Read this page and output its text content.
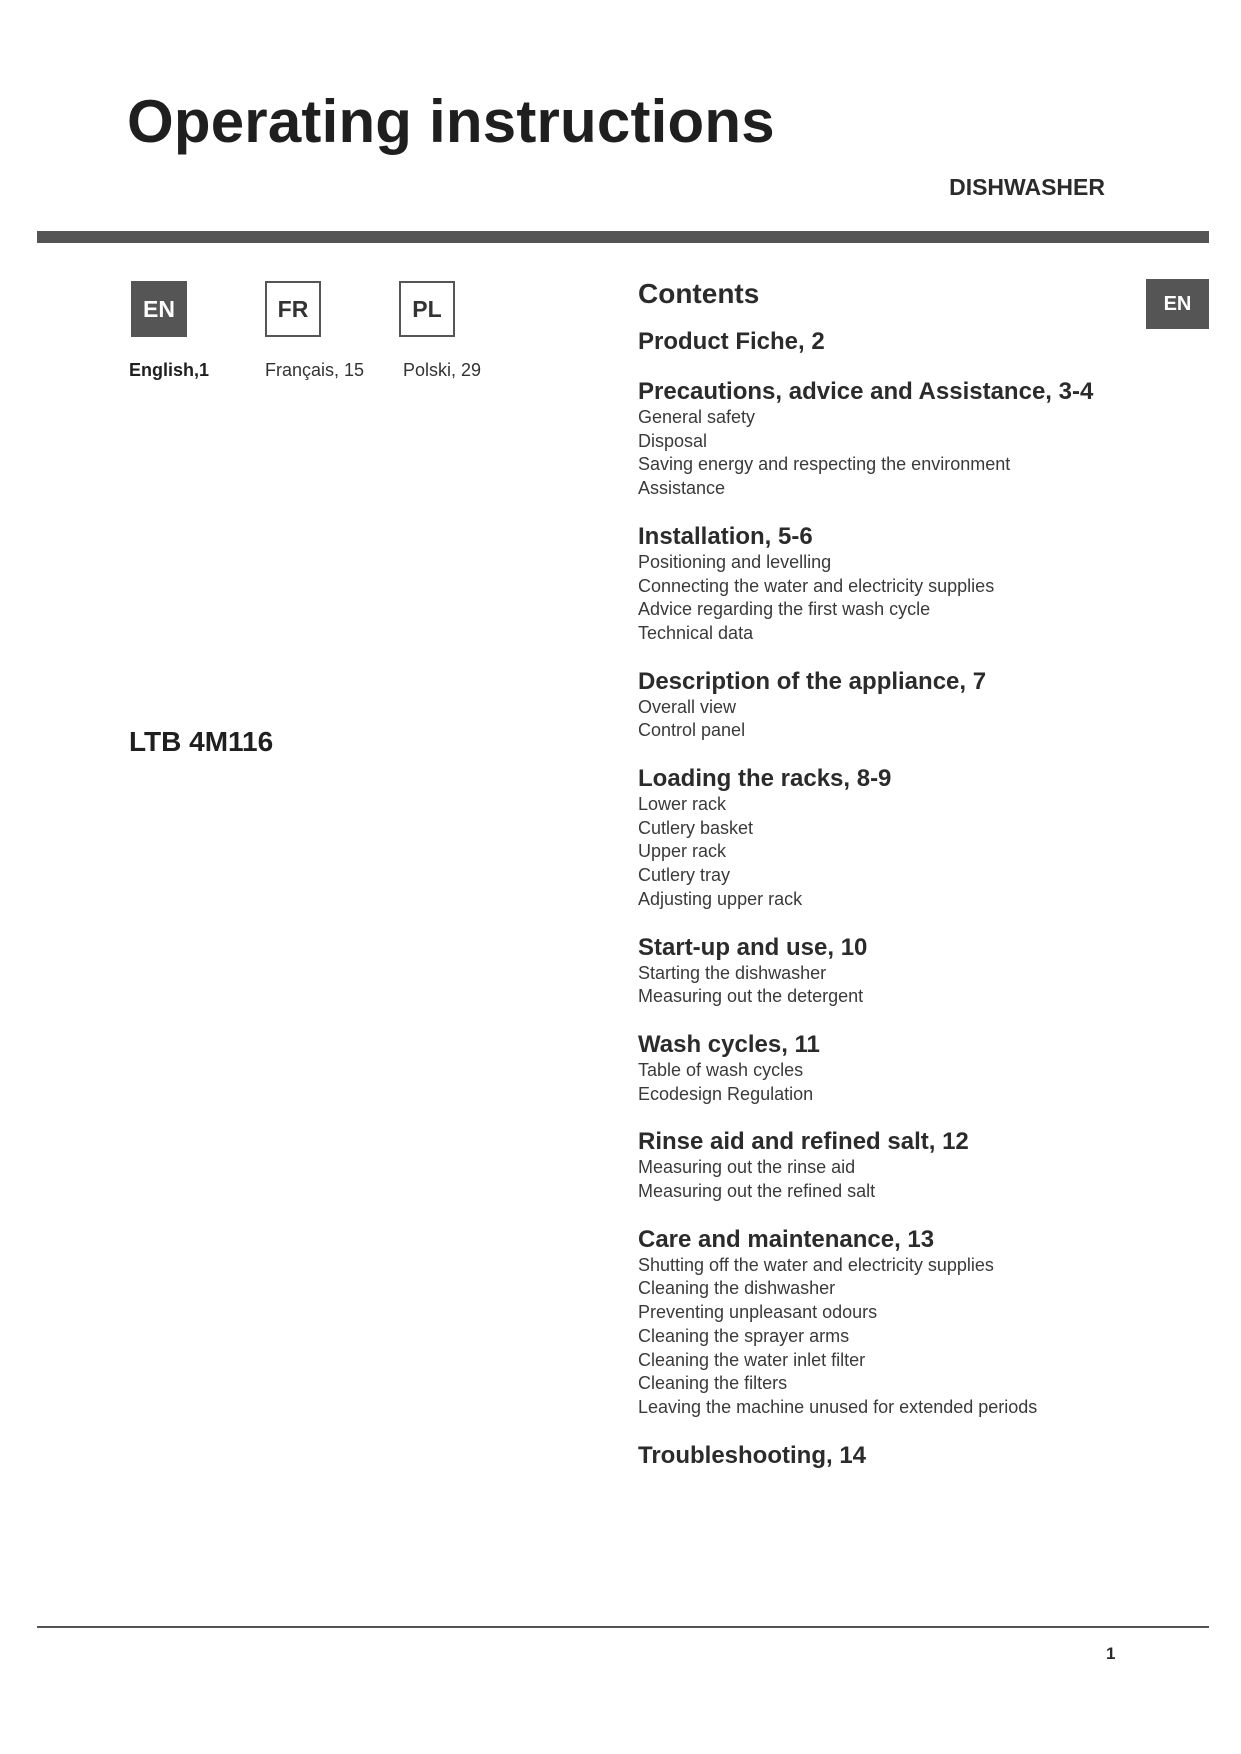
Operating instructions
DISHWASHER
EN	FR	PL
English,1	Français, 15 Polski, 29
LTB 4M116
EN
Contents
Product Fiche, 2
Precautions, advice and Assistance, 3-4
General safety
Disposal
Saving energy and respecting the environment
Assistance
Installation, 5-6
Positioning and levelling
Connecting the water and electricity supplies
Advice regarding the first wash cycle
Technical data
Description of the appliance, 7
Overall view
Control panel
Loading the racks, 8-9
Lower rack
Cutlery basket
Upper rack
Cutlery tray
Adjusting upper rack
Start-up and use, 10
Starting the dishwasher
Measuring out the detergent
Wash cycles, 11
Table of wash cycles
Ecodesign Regulation
Rinse aid and refined salt, 12
Measuring out the rinse aid
Measuring out the refined salt
Care and maintenance, 13
Shutting off the water and electricity supplies
Cleaning the dishwasher
Preventing unpleasant odours
Cleaning the sprayer arms
Cleaning the water inlet filter
Cleaning the filters
Leaving the machine unused for extended periods
Troubleshooting, 14
1
